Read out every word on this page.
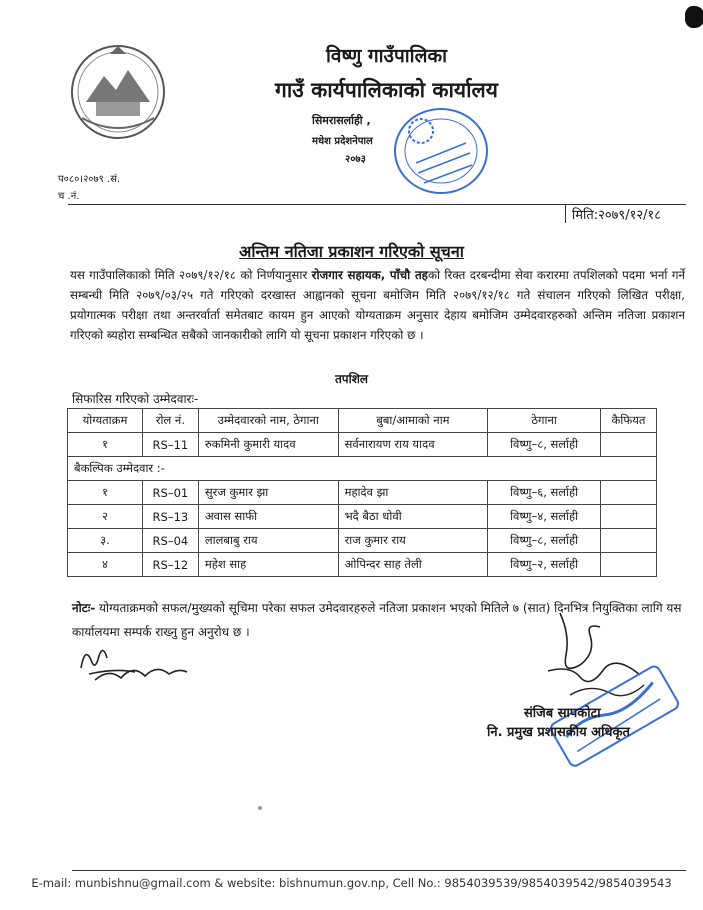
विष्णु गाउँपालिका
गाउँ कार्यपालिकाको कार्यालय
सिमरासर्लाही ,
मधेश प्रदेशनेपाल
२०७३
प०८०।२०७९ .सं.
च .नं.
मिति:२०७९/१२/१८
अन्तिम नतिजा प्रकाशन गरिएको सूचना
यस गाउँपालिकाको मिति २०७९/१२/१८ को निर्णयानुसार रोजगार सहायक, पाँचौ तहको रिक्त दरबन्दीमा सेवा करारमा तपशिलको पदमा भर्ना गर्ने सम्बन्धी मिति २०७९/०३/२५ गते गरिएको दरखास्त आह्वानको सूचना बमोजिम मिति २०७९/१२/१८ गते संचालन गरिएको लिखित परीक्षा, प्रयोगात्मक परीक्षा तथा अन्तरर्वार्ता समेतबाट कायम हुन आएको योग्यताक्रम अनुसार देहाय बमोजिम उम्मेदवारहरुको अन्तिम नतिजा प्रकाशन गरिएको ब्यहोरा सम्बन्धित सबैको जानकारीको लागि यो सूचना प्रकाशन गरिएको छ ।
तपशिल
सिफारिस गरिएको उम्मेदवारः-
योग्यताक्रम	रोल नं.	उम्मेदवारको नाम, ठेगाना	बुबा/आमाको नाम	ठेगाना	कैफियत
१	RS–11	रुकमिनी कुमारी यादव	सर्वनारायण राय यादव	विष्णु–८, सर्लाही	
बैकल्पिक उम्मेदवार :-					
१	RS–01	सुरज कुमार झा	महादेव झा	विष्णु–६, सर्लाही	
२	RS–13	अवास साफी	भदै बैठा धोवी	विष्णु–४, सर्लाही	
३.	RS–04	लालबाबु राय	राज कुमार राय	विष्णु–८, सर्लाही	
४	RS–12	महेश साह	ओपिन्दर साह तेली	विष्णु–२, सर्लाही	
नोटः- योग्यताक्रमको सफल/मुख्यको सूचिमा परेका सफल उमेदवारहरुले नतिजा प्रकाशन भएको मितिले ७ (सात) दिनभित्र नियुक्तिका लागि यस कार्यालयमा सम्पर्क राख्नु हुन अनुरोध छ ।
संजिब सापकोटा
नि. प्रमुख प्रशासकीय अधिकृत
E-mail: munbishnu@gmail.com & website: bishnumun.gov.np, Cell No.: 9854039539/9854039542/9854039543
